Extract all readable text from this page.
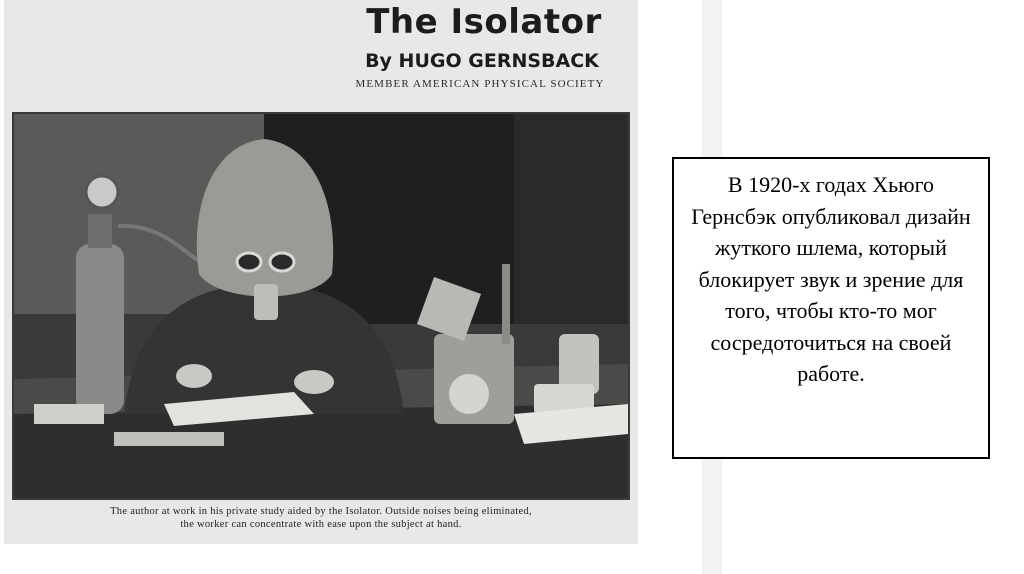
The Isolator
By HUGO GERNSBACK
MEMBER AMERICAN PHYSICAL SOCIETY
The author at work in his private study aided by the Isolator. Outside noises being eliminated,
the worker can concentrate with ease upon the subject at hand.

В 1920-х годах Хьюго Гернсбэк опубликовал дизайн жуткого шлема, который блокирует звук и зрение для того, чтобы кто-то мог сосредоточиться на своей работе.
